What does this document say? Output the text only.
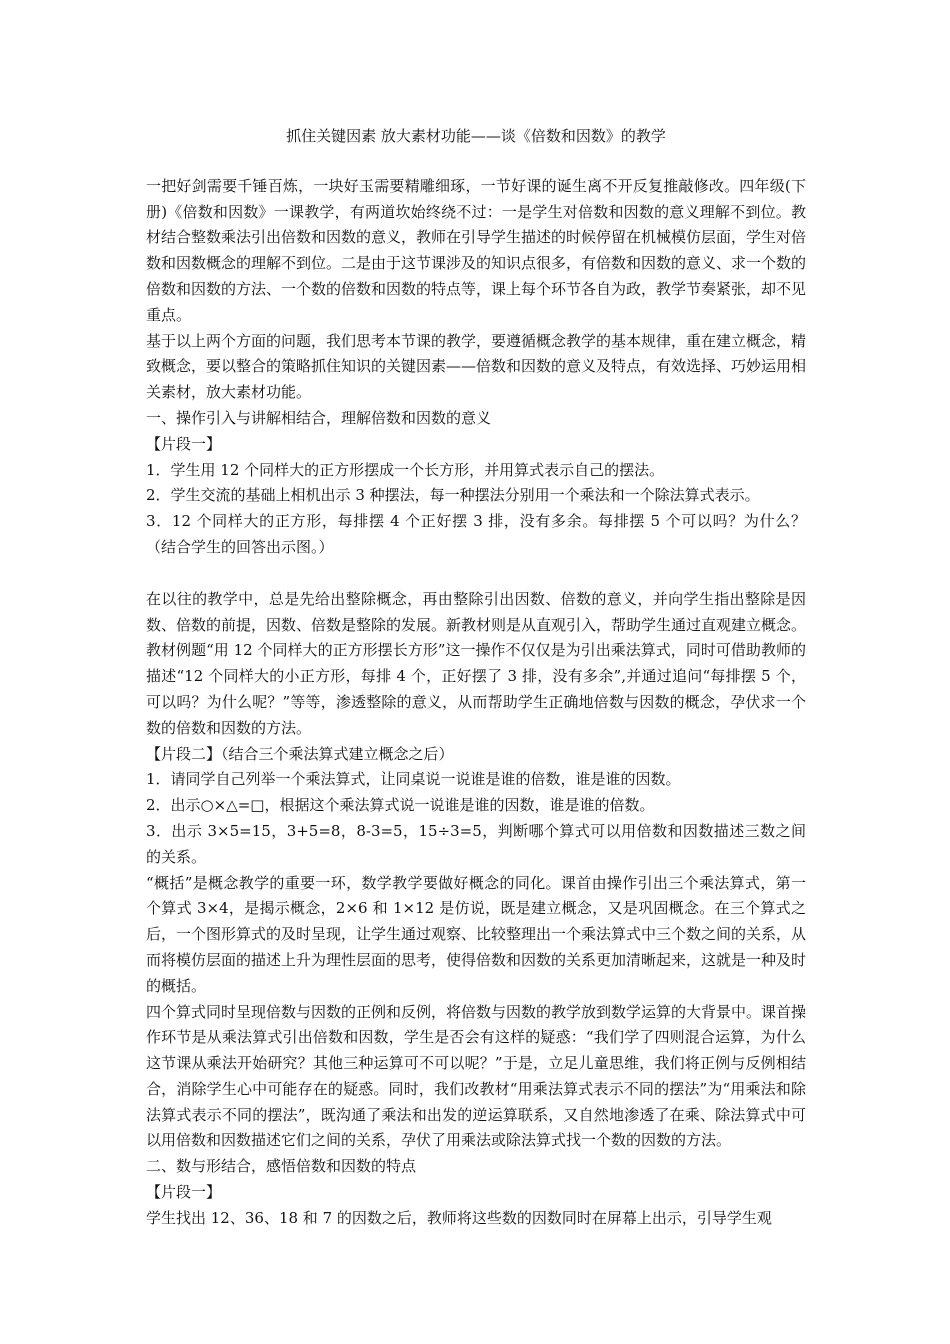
抓住关键因素 放大素材功能——谈《倍数和因数》的教学

一把好剑需要千锤百炼，一块好玉需要精雕细琢，一节好课的诞生离不开反复推敲修改。四年级(下册)《倍数和因数》一课教学，有两道坎始终绕不过：一是学生对倍数和因数的意义理解不到位。教材结合整数乘法引出倍数和因数的意义，教师在引导学生描述的时候停留在机械模仿层面，学生对倍数和因数概念的理解不到位。二是由于这节课涉及的知识点很多，有倍数和因数的意义、求一个数的倍数和因数的方法、一个数的倍数和因数的特点等，课上每个环节各自为政，教学节奏紧张，却不见重点。

基于以上两个方面的问题，我们思考本节课的教学，要遵循概念教学的基本规律，重在建立概念，精致概念，要以整合的策略抓住知识的关键因素——倍数和因数的意义及特点，有效选择、巧妙运用相关素材，放大素材功能。

一、操作引入与讲解相结合，理解倍数和因数的意义

【片段一】

1．学生用 12 个同样大的正方形摆成一个长方形，并用算式表示自己的摆法。

2．学生交流的基础上相机出示 3 种摆法，每一种摆法分别用一个乘法和一个除法算式表示。

3．12 个同样大的正方形，每排摆 4 个正好摆 3 排，没有多余。每排摆 5 个可以吗？为什么？（结合学生的回答出示图。）

在以往的教学中，总是先给出整除概念，再由整除引出因数、倍数的意义，并向学生指出整除是因数、倍数的前提，因数、倍数是整除的发展。新教材则是从直观引入，帮助学生通过直观建立概念。教材例题“用 12 个同样大的正方形摆长方形”这一操作不仅仅是为引出乘法算式，同时可借助教师的描述“12 个同样大的小正方形，每排 4 个，正好摆了 3 排，没有多余”,并通过追问“每排摆 5 个，可以吗？为什么呢？”等等，渗透整除的意义，从而帮助学生正确地倍数与因数的概念，孕伏求一个数的倍数和因数的方法。

【片段二】（结合三个乘法算式建立概念之后）

1．请同学自己列举一个乘法算式，让同桌说一说谁是谁的倍数，谁是谁的因数。

2．出示○×△=□，根据这个乘法算式说一说谁是谁的因数，谁是谁的倍数。

3．出示 3×5=15，3+5=8，8-3=5，15÷3=5，判断哪个算式可以用倍数和因数描述三数之间的关系。

“概括”是概念教学的重要一环，数学教学要做好概念的同化。课首由操作引出三个乘法算式，第一个算式 3×4，是揭示概念，2×6 和 1×12 是仿说，既是建立概念，又是巩固概念。在三个算式之后，一个图形算式的及时呈现，让学生通过观察、比较整理出一个乘法算式中三个数之间的关系，从而将模仿层面的描述上升为理性层面的思考，使得倍数和因数的关系更加清晰起来，这就是一种及时的概括。

四个算式同时呈现倍数与因数的正例和反例，将倍数与因数的教学放到数学运算的大背景中。课首操作环节是从乘法算式引出倍数和因数，学生是否会有这样的疑惑：“我们学了四则混合运算，为什么这节课从乘法开始研究？其他三种运算可不可以呢？”于是，立足儿童思维，我们将正例与反例相结合，消除学生心中可能存在的疑惑。同时，我们改教材“用乘法算式表示不同的摆法”为“用乘法和除法算式表示不同的摆法”，既沟通了乘法和出发的逆运算联系，又自然地渗透了在乘、除法算式中可以用倍数和因数描述它们之间的关系，孕伏了用乘法或除法算式找一个数的因数的方法。

二、数与形结合，感悟倍数和因数的特点

【片段一】

学生找出 12、36、18 和 7 的因数之后，教师将这些数的因数同时在屏幕上出示，引导学生观
